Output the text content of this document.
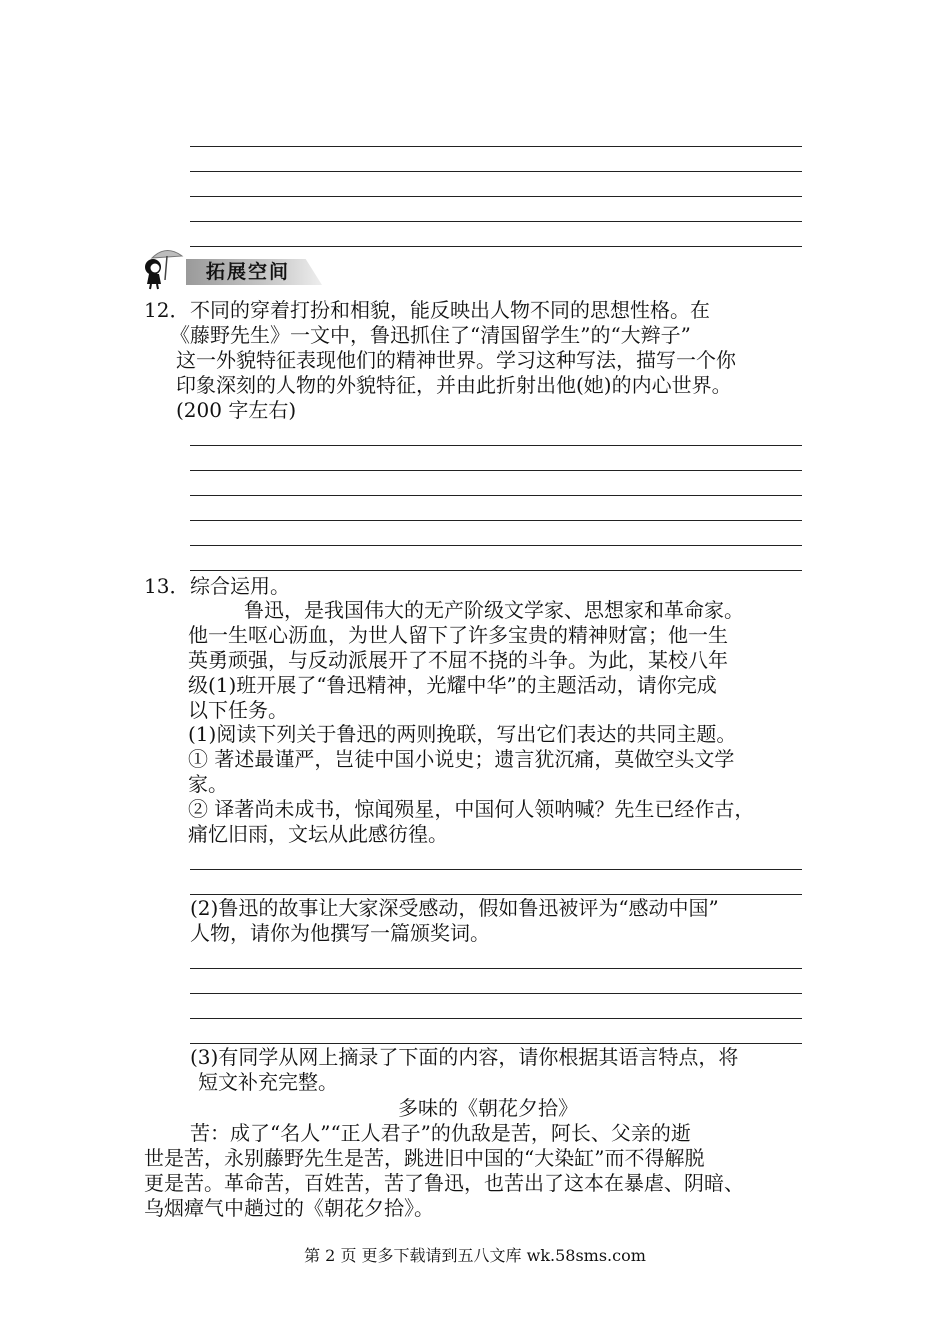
拓展空间
12． 不同的穿着打扮和相貌，能反映出人物不同的思想性格。在
《藤野先生》一文中，鲁迅抓住了“清国留学生”的“大辫子”
这一外貌特征表现他们的精神世界。学习这种写法，描写一个你
印象深刻的人物的外貌特征，并由此折射出他(她)的内心世界。
(200 字左右)
13． 综合运用。
鲁迅，是我国伟大的无产阶级文学家、思想家和革命家。
他一生呕心沥血，为世人留下了许多宝贵的精神财富；他一生
英勇顽强，与反动派展开了不屈不挠的斗争。为此，某校八年
级(1)班开展了“鲁迅精神，光耀中华”的主题活动，请你完成
以下任务。
(1)阅读下列关于鲁迅的两则挽联，写出它们表达的共同主题。
① 著述最谨严，岂徒中国小说史；遗言犹沉痛，莫做空头文学
家。
② 译著尚未成书，惊闻殒星，中国何人领呐喊？先生已经作古，
痛忆旧雨，文坛从此感彷徨。
(2)鲁迅的故事让大家深受感动，假如鲁迅被评为“感动中国”
人物，请你为他撰写一篇颁奖词。
(3)有同学从网上摘录了下面的内容，请你根据其语言特点，将
短文补充完整。
多味的《朝花夕拾》
苦：成了“名人”“正人君子”的仇敌是苦，阿长、父亲的逝
世是苦，永别藤野先生是苦，跳进旧中国的“大染缸”而不得解脱
更是苦。革命苦，百姓苦，苦了鲁迅，也苦出了这本在暴虐、阴暗、
乌烟瘴气中趟过的《朝花夕拾》。
第 2 页 更多下载请到五八文库 wk.58sms.com
